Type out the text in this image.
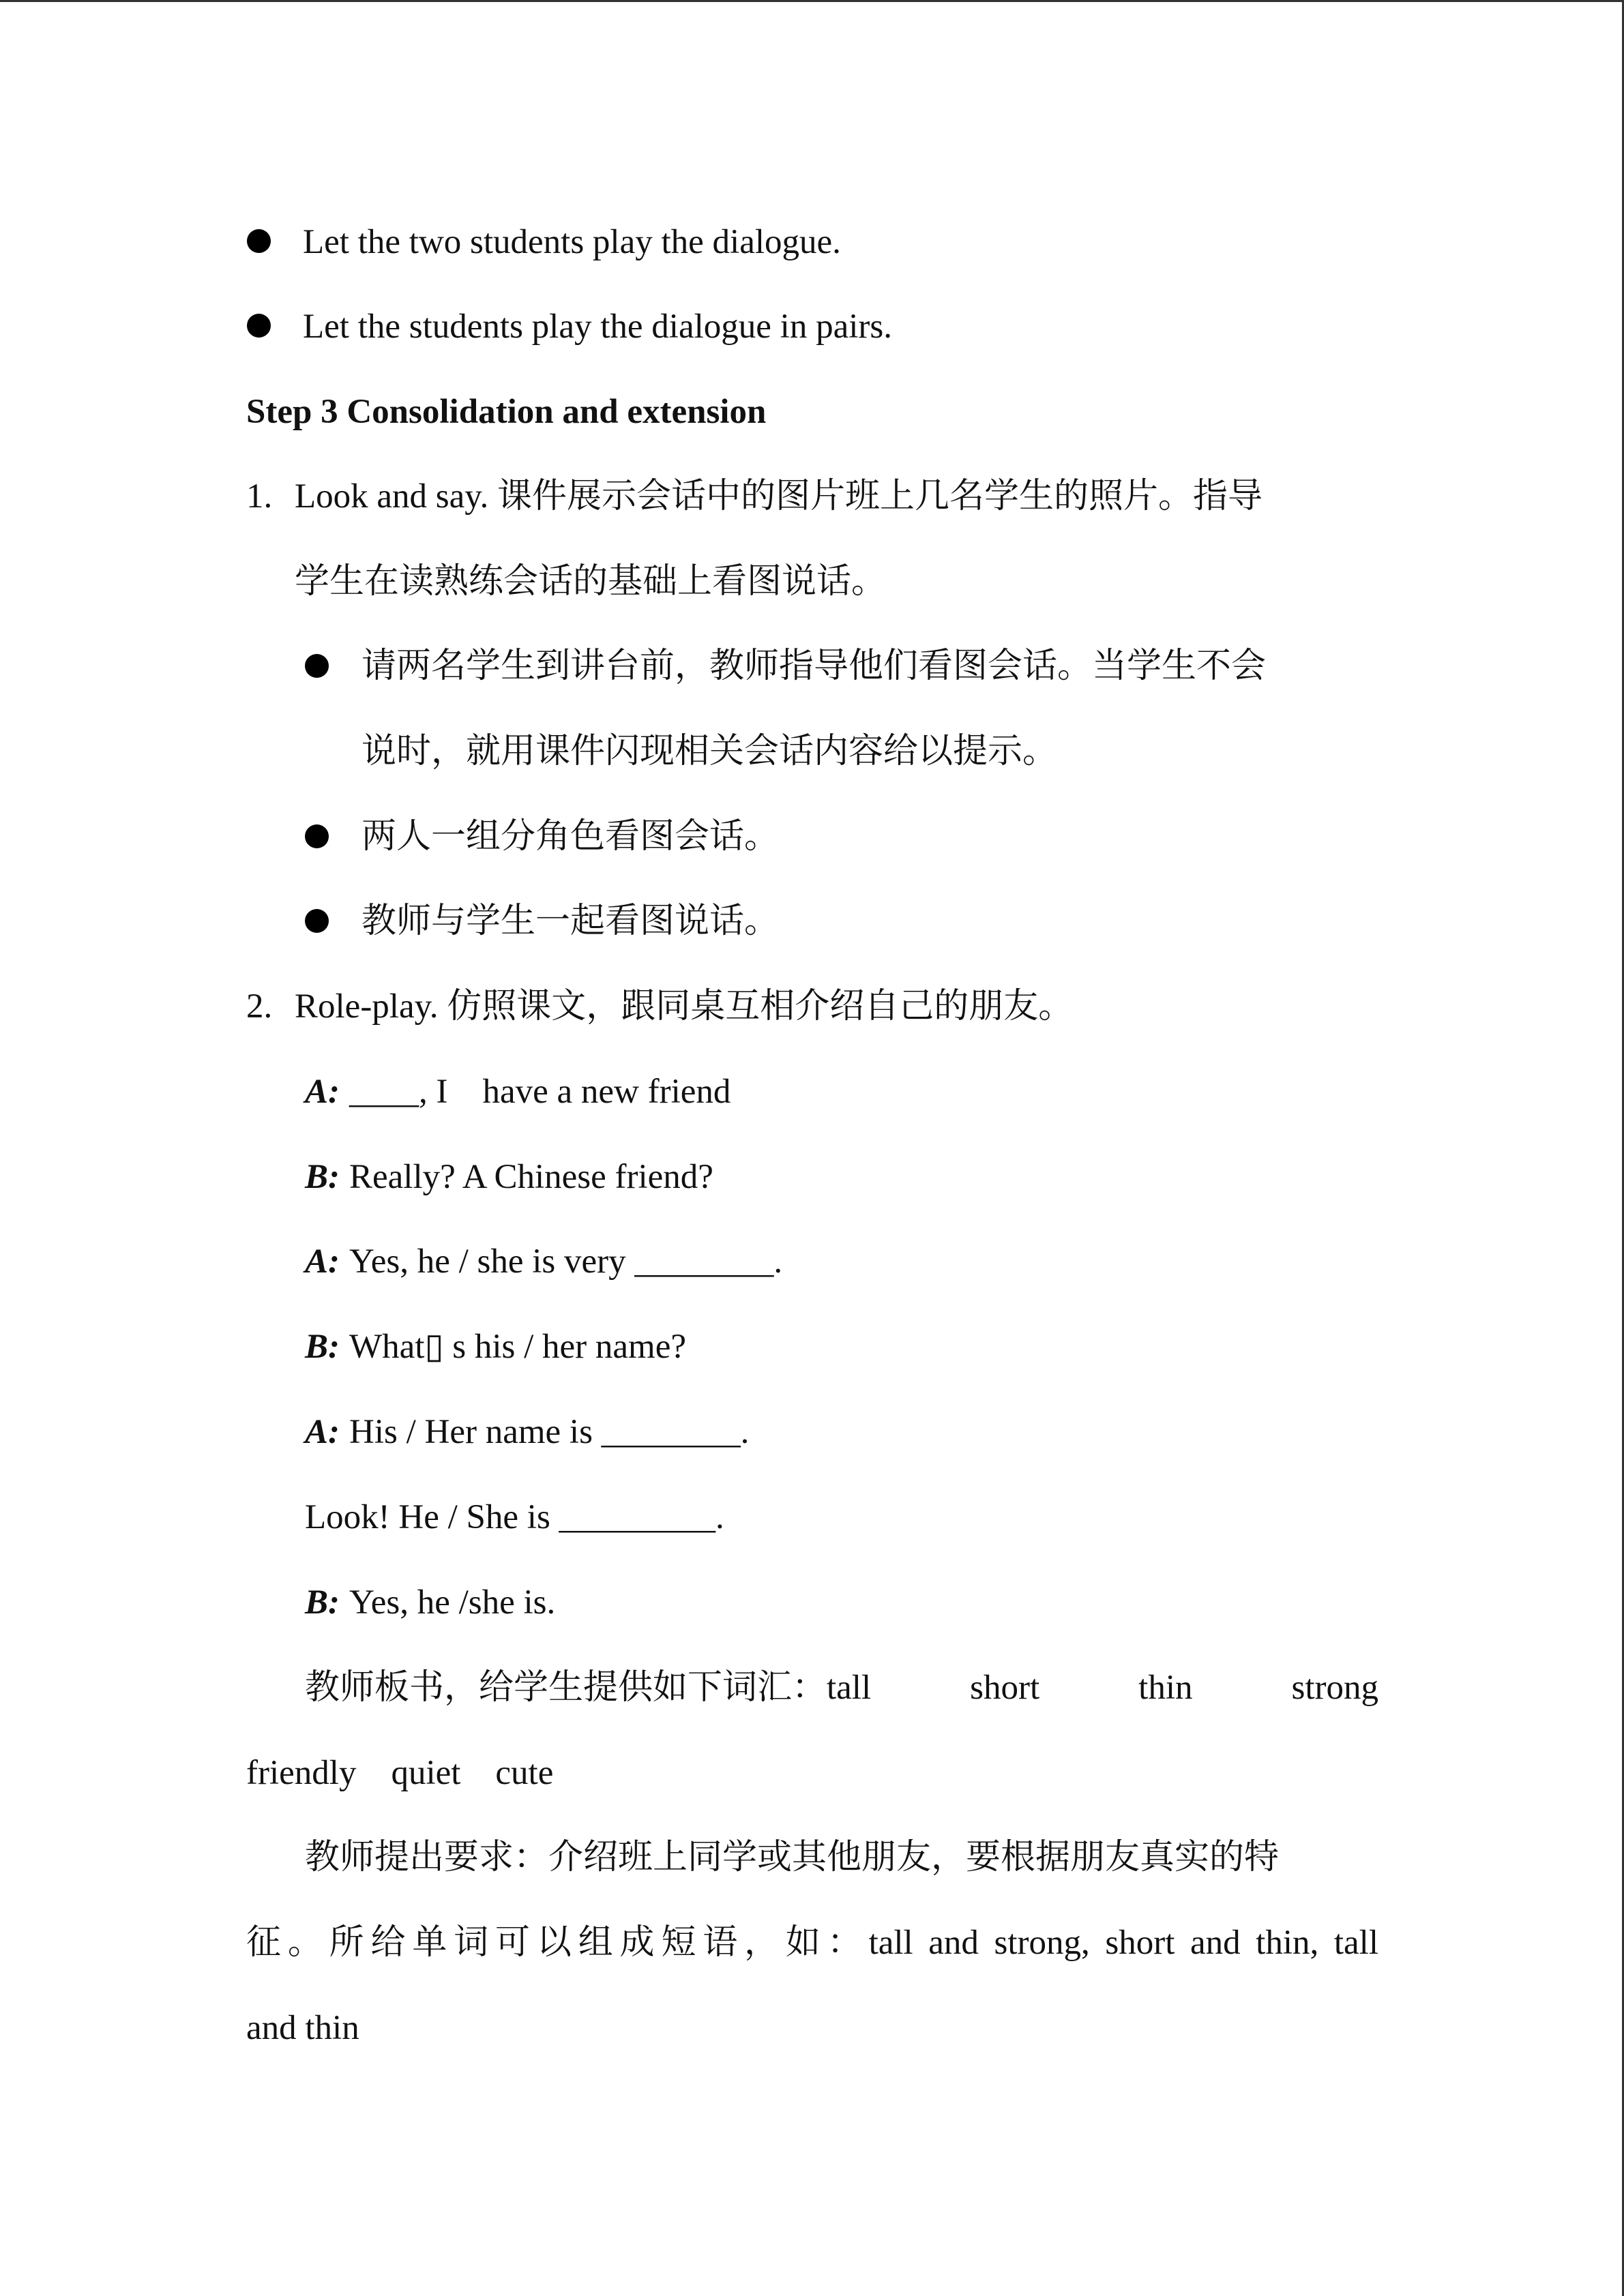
Let the two students play the dialogue.
Let the students play the dialogue in pairs.
Step 3 Consolidation and extension
1. Look and say. 课件展示会话中的图片班上几名学生的照片。指导
学生在读熟练会话的基础上看图说话。
请两名学生到讲台前，教师指导他们看图会话。当学生不会
说时，就用课件闪现相关会话内容给以提示。
两人一组分角色看图会话。
教师与学生一起看图说话。
2. Role-play. 仿照课文，跟同桌互相介绍自己的朋友。
A: ____, I    have a new friend
B: Really? A Chinese friend?
A: Yes, he / she is very ________.
B: What▯ s his / her name?
A: His / Her name is ________.
Look! He / She is _________.
B: Yes, he /she is.
教师板书，给学生提供如下词汇：tall	short	thin	strong
friendly    quiet    cute
教师提出要求：介绍班上同学或其他朋友，要根据朋友真实的特
征。所给单词可以组成短语，如：tall and strong, short and thin, tall
and thin
